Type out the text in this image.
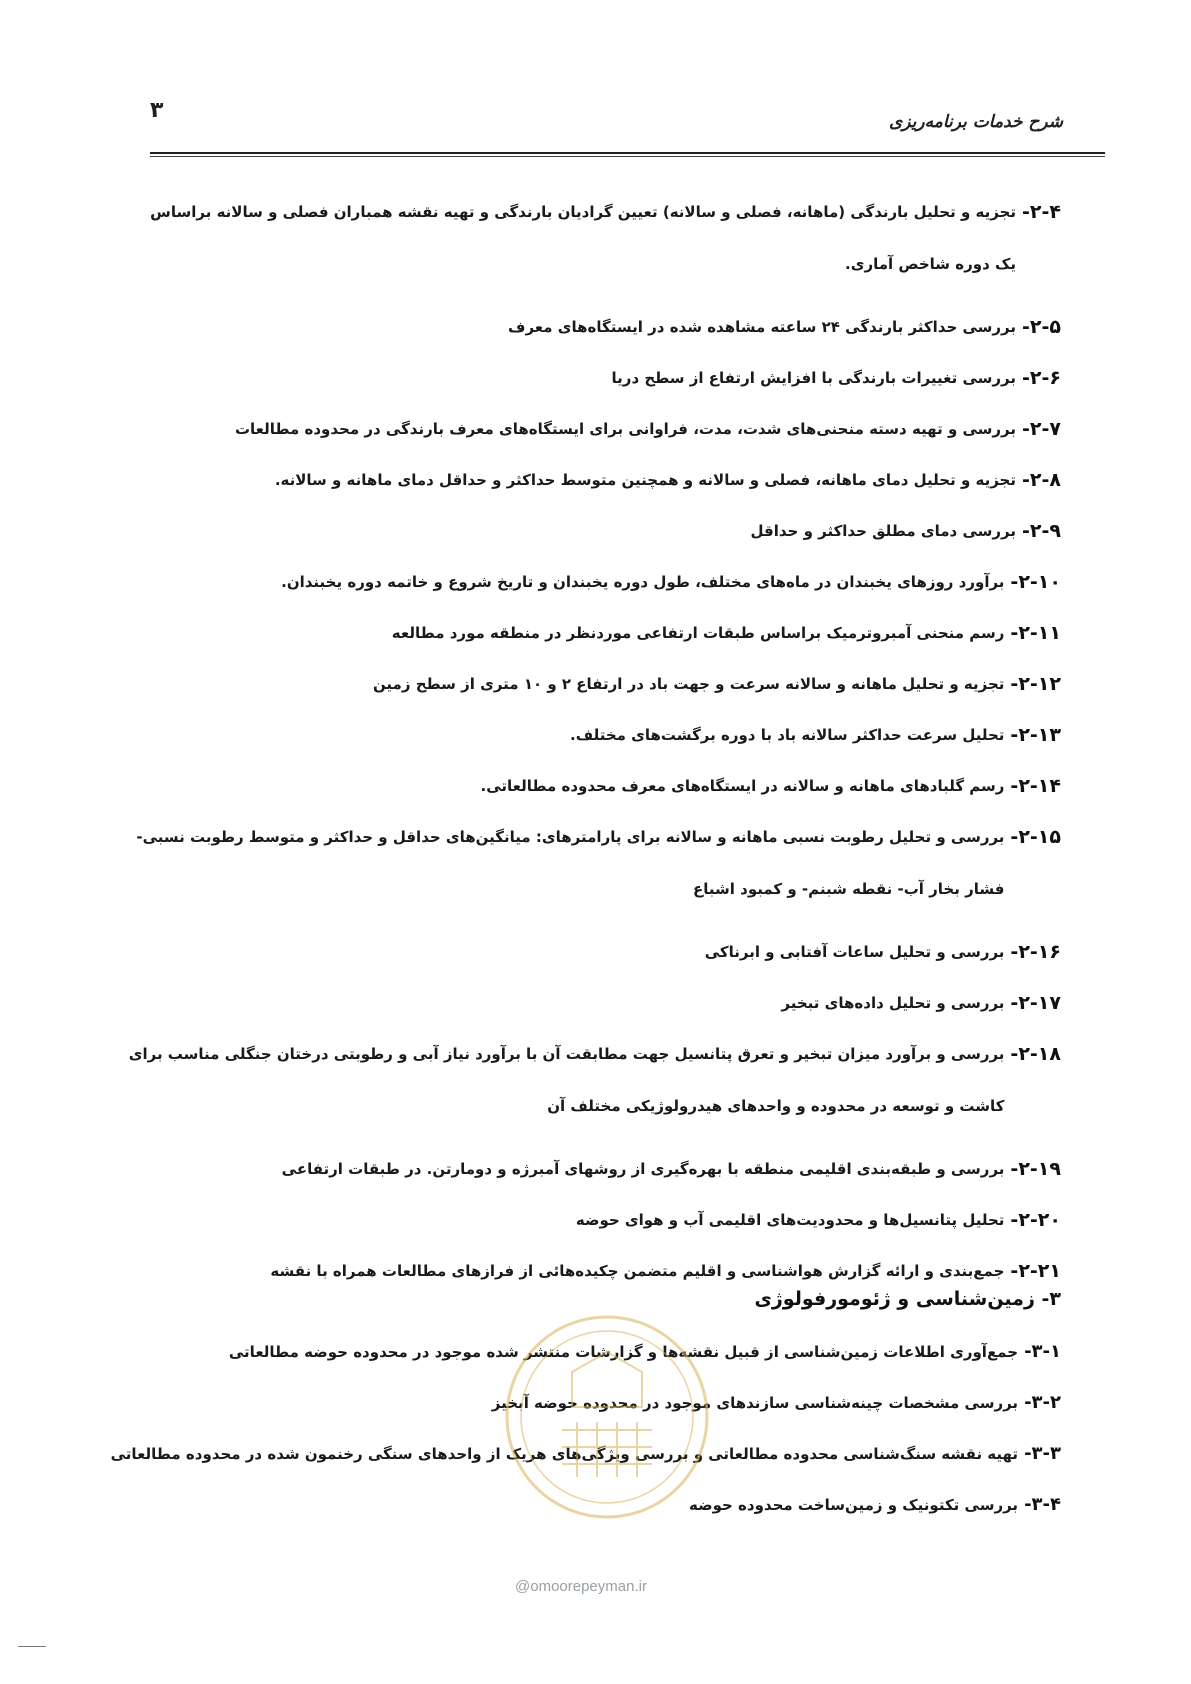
شرح خدمات برنامه‌ریزی
۳
۲-۴-
تجزیه و تحلیل بارندگی (ماهانه، فصلی و سالانه) تعیین گرادیان بارندگی و تهیه نقشه همباران فصلی و سالانه براساس یک دوره شاخص آماری.
۲-۵-
بررسی حداکثر بارندگی ۲۴ ساعته مشاهده شده در ایستگاه‌های معرف
۲-۶-
بررسی تغییرات بارندگی با افزایش ارتفاع از سطح دریا
۲-۷-
بررسی و تهیه دسته منحنی‌های شدت، مدت، فراوانی برای ایستگاه‌های معرف بارندگی در محدوده مطالعات
۲-۸-
تجزیه و تحلیل دمای ماهانه، فصلی و سالانه و همچنین متوسط حداکثر و حداقل دمای ماهانه و سالانه.
۲-۹-
بررسی دمای مطلق حداکثر و حداقل
۲-۱۰-
برآورد روزهای یخبندان در ماه‌های مختلف، طول دوره یخبندان و تاریخ شروع و خاتمه دوره یخبندان.
۲-۱۱-
رسم منحنی آمبروترمیک براساس طبقات ارتفاعی موردنظر در منطقه مورد مطالعه
۲-۱۲-
تجزیه و تحلیل ماهانه و سالانه سرعت و جهت باد در ارتفاع ۲ و ۱۰ متری از سطح زمین
۲-۱۳-
تحلیل سرعت حداکثر سالانه باد با دوره برگشت‌های مختلف.
۲-۱۴-
رسم گلبادهای ماهانه و سالانه در ایستگاه‌های معرف محدوده مطالعاتی.
۲-۱۵-
بررسی و تحلیل رطوبت نسبی ماهانه و سالانه برای پارامترهای: میانگین‌های حداقل و حداکثر و متوسط رطوبت نسبی- فشار بخار آب- نقطه شبنم- و کمبود اشباع
۲-۱۶-
بررسی و تحلیل ساعات آفتابی و ابرناکی
۲-۱۷-
بررسی و تحلیل داده‌های تبخیر
۲-۱۸-
بررسی و برآورد میزان تبخیر و تعرق پتانسیل جهت مطابقت آن با برآورد نیاز آبی و رطوبتی درختان جنگلی مناسب برای کاشت و توسعه در محدوده و واحدهای هیدرولوژیکی مختلف آن
۲-۱۹-
بررسی و طبقه‌بندی اقلیمی منطقه با بهره‌گیری از روشهای آمبرژه و دومارتن. در طبقات ارتفاعی
۲-۲۰-
تحلیل پتانسیل‌ها و محدودیت‌های اقلیمی آب و هوای حوضه
۲-۲۱-
جمع‌بندی و ارائه گزارش هواشناسی و اقلیم متضمن چکیده‌هائی از فرازهای مطالعات همراه با نقشه
۳- زمین‌شناسی و ژئومورفولوژی
۳-۱-
جمع‌آوری اطلاعات زمین‌شناسی از قبیل نقشه‌ها و گزارشات منتشر شده موجود در محدوده حوضه مطالعاتی
۳-۲-
بررسی مشخصات چینه‌شناسی سازندهای موجود در محدوده حوضه آبخیز
۳-۳-
تهیه نقشه سنگ‌شناسی محدوده مطالعاتی و بررسی ویژگی‌های هریک از واحدهای سنگی رخنمون شده در محدوده مطالعاتی
۳-۴-
بررسی تکتونیک و زمین‌ساخت محدوده حوضه
@omoorepeyman.ir
